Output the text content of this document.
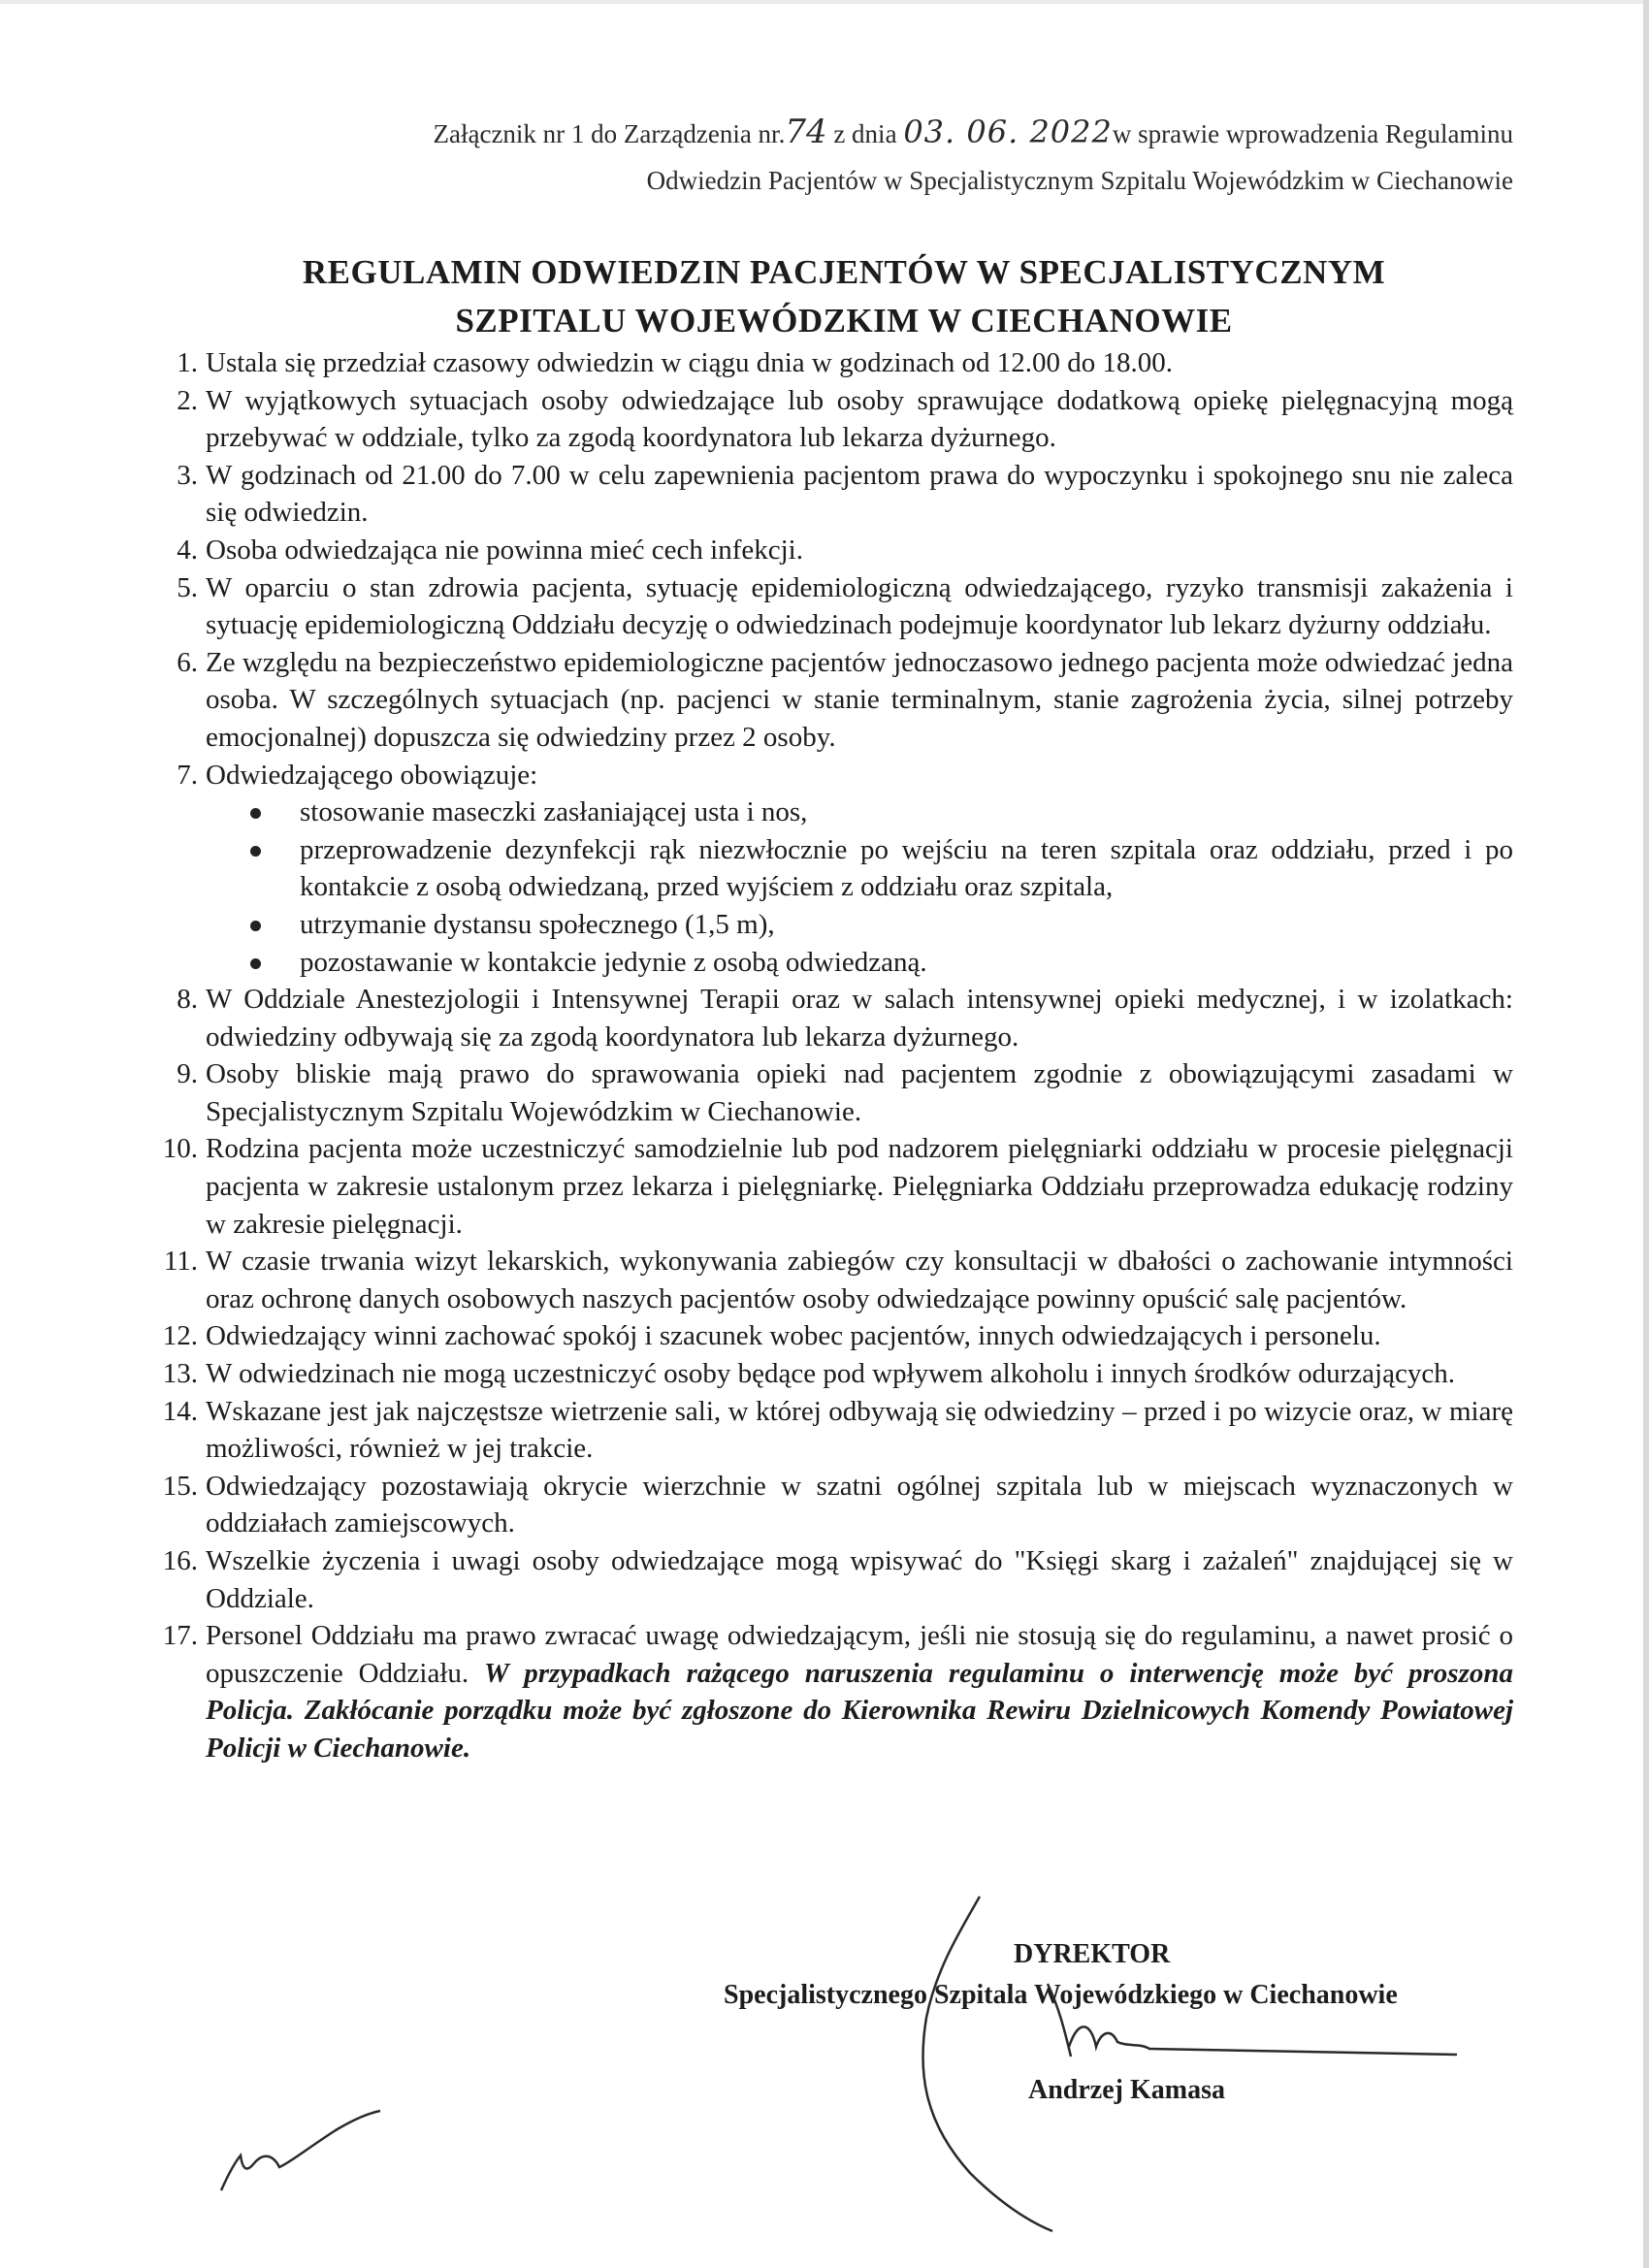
Załącznik nr 1 do Zarządzenia nr.74 z dnia 03. 06. 2022w sprawie wprowadzenia Regulaminu
Odwiedzin Pacjentów w Specjalistycznym Szpitalu Wojewódzkim w Ciechanowie
REGULAMIN ODWIEDZIN PACJENTÓW W SPECJALISTYCZNYM
SZPITALU WOJEWÓDZKIM W CIECHANOWIE
1. Ustala się przedział czasowy odwiedzin w ciągu dnia w godzinach od 12.00 do 18.00.
2. W wyjątkowych sytuacjach osoby odwiedzające lub osoby sprawujące dodatkową opiekę pielęgnacyjną mogą przebywać w oddziale, tylko za zgodą koordynatora lub lekarza dyżurnego.
3. W godzinach od 21.00 do 7.00 w celu zapewnienia pacjentom prawa do wypoczynku i spokojnego snu nie zaleca się odwiedzin.
4. Osoba odwiedzająca nie powinna mieć cech infekcji.
5. W oparciu o stan zdrowia pacjenta, sytuację epidemiologiczną odwiedzającego, ryzyko transmisji zakażenia i sytuację epidemiologiczną Oddziału decyzję o odwiedzinach podejmuje koordynator lub lekarz dyżurny oddziału.
6. Ze względu na bezpieczeństwo epidemiologiczne pacjentów jednoczasowo jednego pacjenta może odwiedzać jedna osoba. W szczególnych sytuacjach (np. pacjenci w stanie terminalnym, stanie zagrożenia życia, silnej potrzeby emocjonalnej) dopuszcza się odwiedziny przez 2 osoby.
7. Odwiedzającego obowiązuje:
stosowanie maseczki zasłaniającej usta i nos,
przeprowadzenie dezynfekcji rąk niezwłocznie po wejściu na teren szpitala oraz oddziału, przed i po kontakcie z osobą odwiedzaną, przed wyjściem z oddziału oraz szpitala,
utrzymanie dystansu społecznego (1,5 m),
pozostawanie w kontakcie jedynie z osobą odwiedzaną.
8. W Oddziale Anestezjologii i Intensywnej Terapii oraz w salach intensywnej opieki medycznej, i w izolatkach: odwiedziny odbywają się za zgodą koordynatora lub lekarza dyżurnego.
9. Osoby bliskie mają prawo do sprawowania opieki nad pacjentem zgodnie z obowiązującymi zasadami w Specjalistycznym Szpitalu Wojewódzkim w Ciechanowie.
10. Rodzina pacjenta może uczestniczyć samodzielnie lub pod nadzorem pielęgniarki oddziału w procesie pielęgnacji pacjenta w zakresie ustalonym przez lekarza i pielęgniarkę. Pielęgniarka Oddziału przeprowadza edukację rodziny w zakresie pielęgnacji.
11. W czasie trwania wizyt lekarskich, wykonywania zabiegów czy konsultacji w dbałości o zachowanie intymności oraz ochronę danych osobowych naszych pacjentów osoby odwiedzające powinny opuścić salę pacjentów.
12. Odwiedzający winni zachować spokój i szacunek wobec pacjentów, innych odwiedzających i personelu.
13. W odwiedzinach nie mogą uczestniczyć osoby będące pod wpływem alkoholu i innych środków odurzających.
14. Wskazane jest jak najczęstsze wietrzenie sali, w której odbywają się odwiedziny – przed i po wizycie oraz, w miarę możliwości, również w jej trakcie.
15. Odwiedzający pozostawiają okrycie wierzchnie w szatni ogólnej szpitala lub w miejscach wyznaczonych w oddziałach zamiejscowych.
16. Wszelkie życzenia i uwagi osoby odwiedzające mogą wpisywać do "Księgi skarg i zażaleń" znajdującej się w Oddziale.
17. Personel Oddziału ma prawo zwracać uwagę odwiedzającym, jeśli nie stosują się do regulaminu, a nawet prosić o opuszczenie Oddziału. W przypadkach rażącego naruszenia regulaminu o interwencję może być proszona Policja. Zakłócanie porządku może być zgłoszone do Kierownika Rewiru Dzielnicowych Komendy Powiatowej Policji w Ciechanowie.
DYREKTOR
Specjalistycznego Szpitala Wojewódzkiego w Ciechanowie
Andrzej Kamasa
